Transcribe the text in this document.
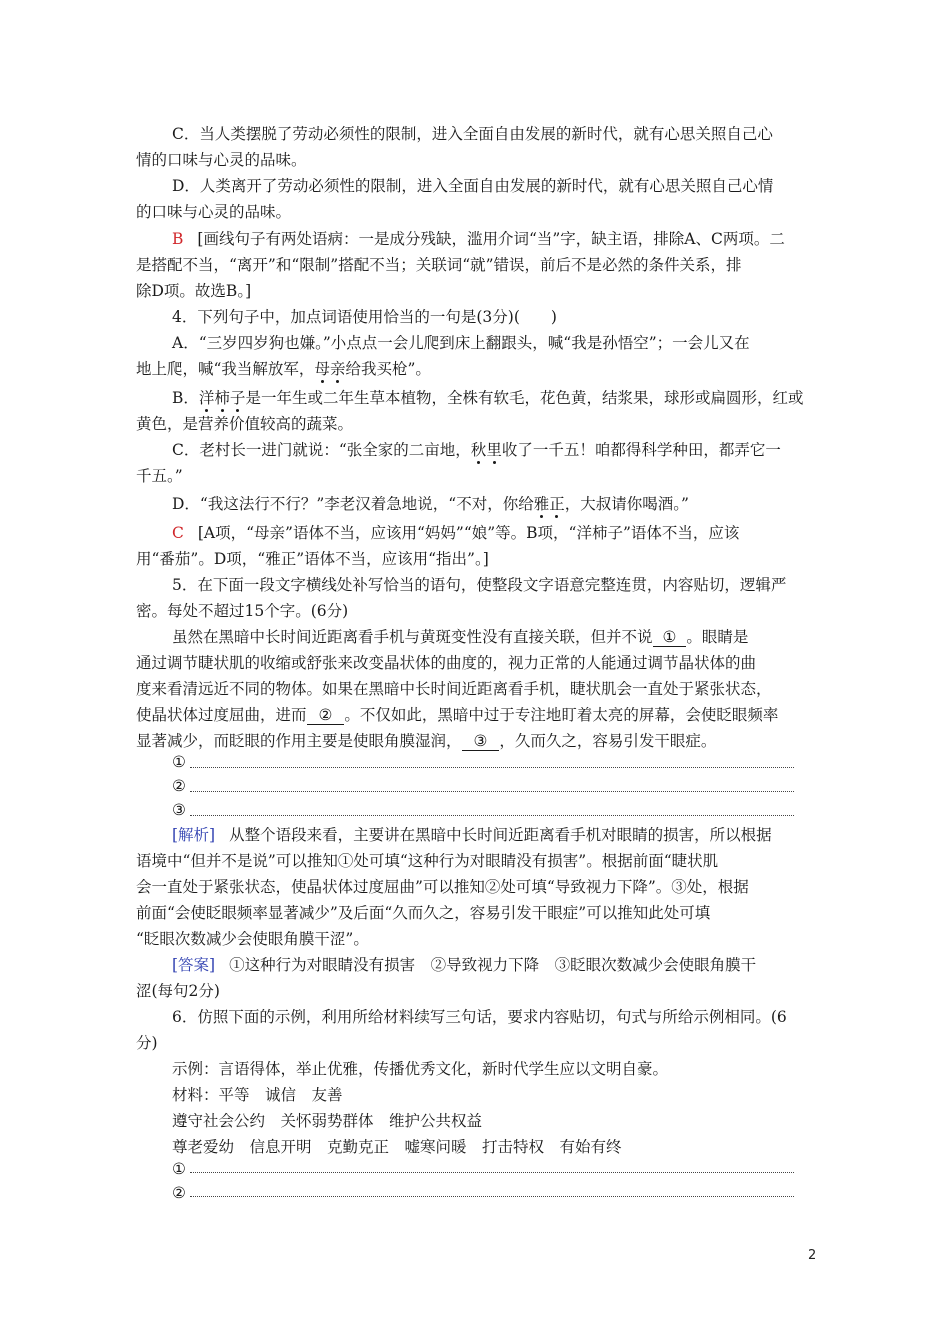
C．当人类摆脱了劳动必须性的限制，进入全面自由发展的新时代，就有心思关照自己心
情的口味与心灵的品味。
D．人类离开了劳动必须性的限制，进入全面自由发展的新时代，就有心思关照自己心情
的口味与心灵的品味。
B [画线句子有两处语病：一是成分残缺，滥用介词“当”字，缺主语，排除A、C两项。二
是搭配不当，“离开”和“限制”搭配不当；关联词“就”错误，前后不是必然的条件关系，排
除D项。故选B。]
4．下列句子中，加点词语使用恰当的一句是(3分)(　　)
A．“三岁四岁狗也嫌。”小点点一会儿爬到床上翻跟头，喊“我是孙悟空”；一会儿又在
地上爬，喊“我当解放军，母亲给我买枪”。
B．洋柿子是一年生或二年生草本植物，全株有软毛，花色黄，结浆果，球形或扁圆形，红或
黄色，是营养价值较高的蔬菜。
C．老村长一进门就说：“张全家的二亩地，秋里收了一千五！咱都得科学种田，都弄它一
千五。”
D．“我这法行不行？”李老汉着急地说，“不对，你给雅正，大叔请你喝酒。”
C [A项，“母亲”语体不当，应该用“妈妈”“娘”等。B项，“洋柿子”语体不当，应该
用“番茄”。D项，“雅正”语体不当，应该用“指出”。]
5．在下面一段文字横线处补写恰当的语句，使整段文字语意完整连贯，内容贴切，逻辑严
密。每处不超过15个字。(6分)
虽然在黑暗中长时间近距离看手机与黄斑变性没有直接关联，但并不说 ① 。眼睛是
通过调节睫状肌的收缩或舒张来改变晶状体的曲度的，视力正常的人能通过调节晶状体的曲
度来看清远近不同的物体。如果在黑暗中长时间近距离看手机，睫状肌会一直处于紧张状态，
使晶状体过度屈曲，进而 ② 。不仅如此，黑暗中过于专注地盯着太亮的屏幕，会使眨眼频率
显著减少，而眨眼的作用主要是使眼角膜湿润， ③ ，久而久之，容易引发干眼症。
①
②
③
[解析] 从整个语段来看，主要讲在黑暗中长时间近距离看手机对眼睛的损害，所以根据
语境中“但并不是说”可以推知①处可填“这种行为对眼睛没有损害”。根据前面“睫状肌
会一直处于紧张状态，使晶状体过度屈曲”可以推知②处可填“导致视力下降”。③处，根据
前面“会使眨眼频率显著减少”及后面“久而久之，容易引发干眼症”可以推知此处可填
“眨眼次数减少会使眼角膜干涩”。
[答案] ①这种行为对眼睛没有损害　②导致视力下降　③眨眼次数减少会使眼角膜干
涩(每句2分)
6．仿照下面的示例，利用所给材料续写三句话，要求内容贴切，句式与所给示例相同。(6
分)
示例：言语得体，举止优雅，传播优秀文化，新时代学生应以文明自豪。
材料：平等　诚信　友善
遵守社会公约　关怀弱势群体　维护公共权益
尊老爱幼　信息开明　克勤克正　嘘寒问暖　打击特权　有始有终
①
②
2
